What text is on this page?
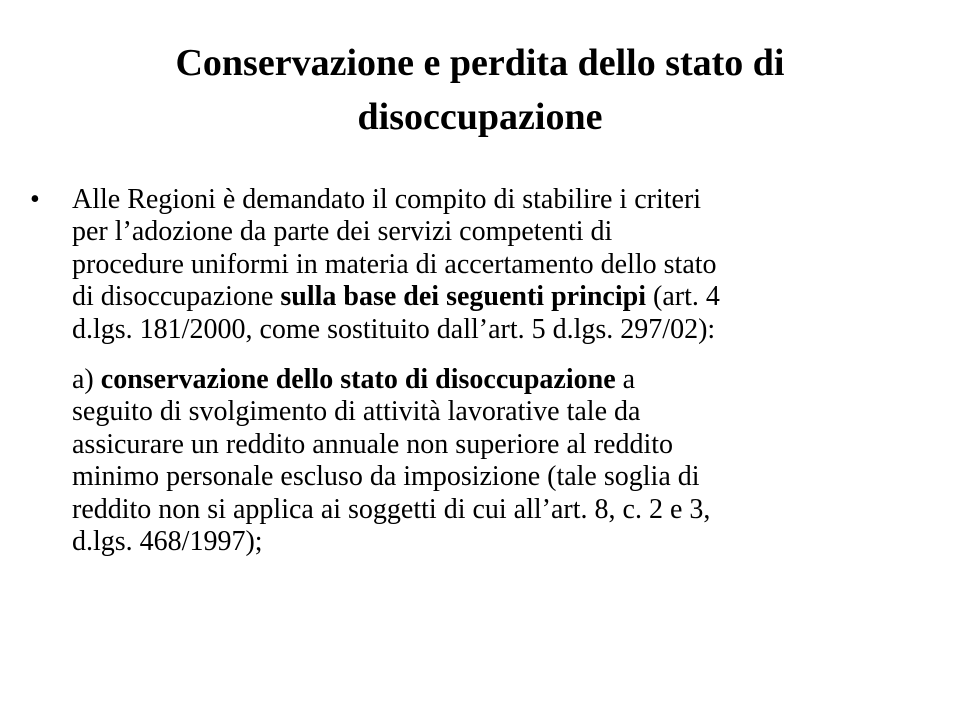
Conservazione e perdita dello stato di
disoccupazione
•	Alle Regioni è demandato il compito di stabilire i criteri
per l’adozione da parte dei servizi competenti di
procedure uniformi in materia di accertamento dello stato
di disoccupazione sulla base dei seguenti principi (art. 4
d.lgs. 181/2000, come sostituito dall’art. 5 d.lgs. 297/02):

a) conservazione dello stato di disoccupazione a
seguito di svolgimento di attività lavorative tale da
assicurare un reddito annuale non superiore al reddito
minimo personale escluso da imposizione (tale soglia di
reddito non si applica ai soggetti di cui all’art. 8, c. 2 e 3,
d.lgs. 468/1997);
